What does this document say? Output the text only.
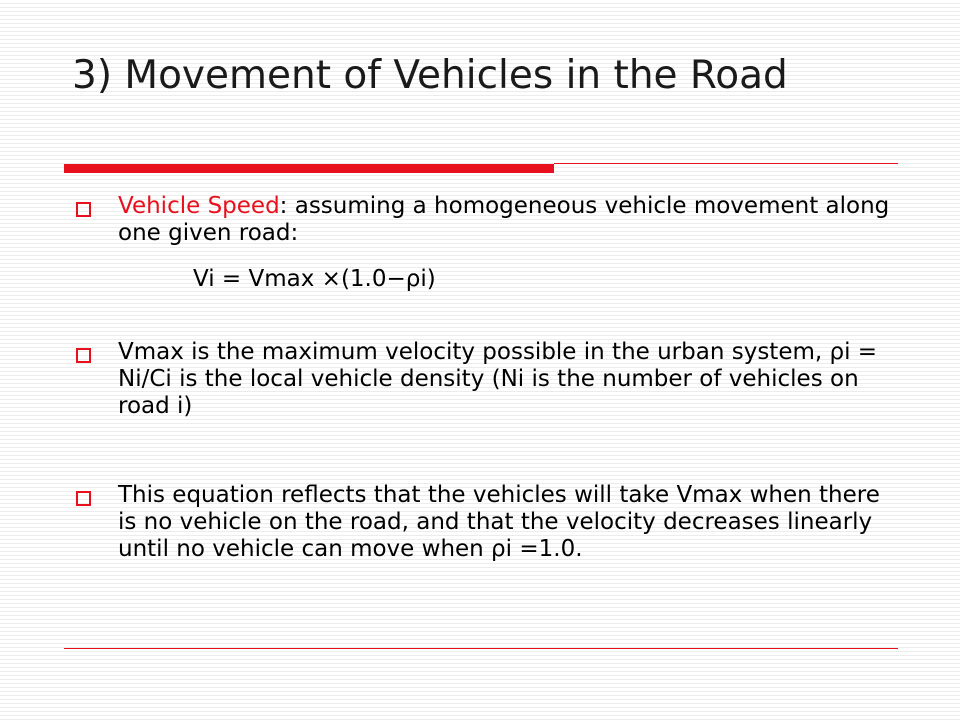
3) Movement of Vehicles in the Road
Vehicle Speed: assuming a homogeneous vehicle movement along one given road:
Vi = Vmax ×(1.0−ρi)
Vmax is the maximum velocity possible in the urban system, ρi = Ni/Ci is the local vehicle density (Ni is the number of vehicles on road i)
This equation reflects that the vehicles will take Vmax when there is no vehicle on the road, and that the velocity decreases linearly until no vehicle can move when ρi =1.0.
